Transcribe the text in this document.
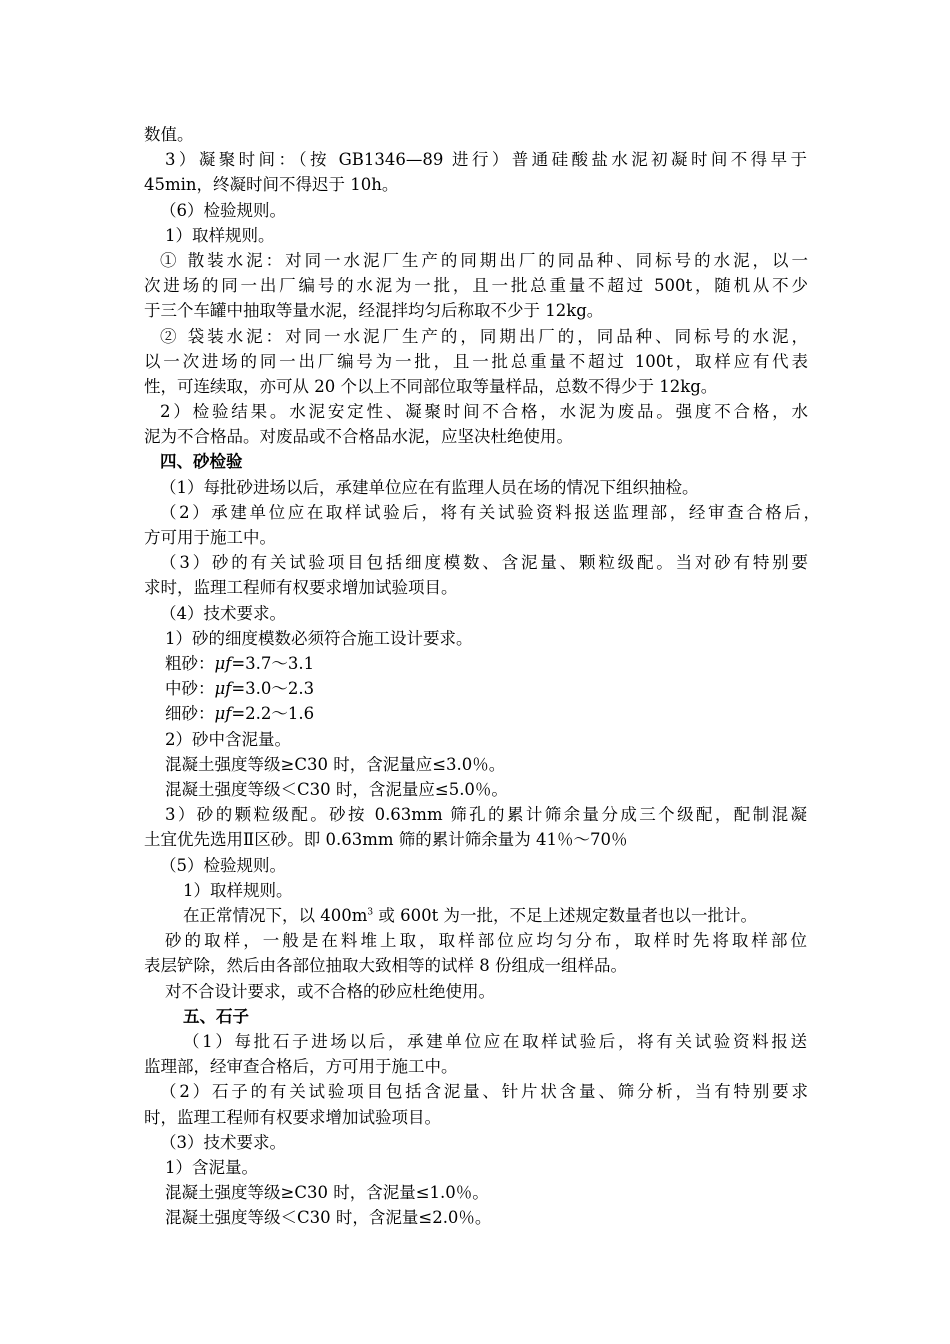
数值。
3）凝聚时间：（按 GB1346—89 进行）普通硅酸盐水泥初凝时间不得早于
45min，终凝时间不得迟于 10h。
（6）检验规则。
1）取样规则。
① 散装水泥：对同一水泥厂生产的同期出厂的同品种、同标号的水泥，以一
次进场的同一出厂编号的水泥为一批，且一批总重量不超过 500t，随机从不少
于三个车罐中抽取等量水泥，经混拌均匀后称取不少于 12kg。
② 袋装水泥：对同一水泥厂生产的，同期出厂的，同品种、同标号的水泥，
以一次进场的同一出厂编号为一批，且一批总重量不超过 100t，取样应有代表
性，可连续取，亦可从 20 个以上不同部位取等量样品，总数不得少于 12kg。
2）检验结果。水泥安定性、凝聚时间不合格，水泥为废品。强度不合格，水
泥为不合格品。对废品或不合格品水泥，应坚决杜绝使用。
四、砂检验
（1）每批砂进场以后，承建单位应在有监理人员在场的情况下组织抽检。
（2）承建单位应在取样试验后，将有关试验资料报送监理部，经审查合格后，
方可用于施工中。
（3）砂的有关试验项目包括细度模数、含泥量、颗粒级配。当对砂有特别要
求时，监理工程师有权要求增加试验项目。
（4）技术要求。
1）砂的细度模数必须符合施工设计要求。
粗砂：μf=3.7～3.1
中砂：μf=3.0～2.3
细砂：μf=2.2～1.6
2）砂中含泥量。
混凝土强度等级≥C30 时，含泥量应≤3.0％。
混凝土强度等级＜C30 时，含泥量应≤5.0％。
3）砂的颗粒级配。砂按 0.63mm 筛孔的累计筛余量分成三个级配，配制混凝
土宜优先选用Ⅱ区砂。即 0.63mm 筛的累计筛余量为 41％～70％
（5）检验规则。
1）取样规则。
在正常情况下，以 $400m^3$ 或 600t 为一批，不足上述规定数量者也以一批计。
砂的取样，一般是在料堆上取，取样部位应均匀分布，取样时先将取样部位
表层铲除，然后由各部位抽取大致相等的试样 8 份组成一组样品。
对不合设计要求，或不合格的砂应杜绝使用。
五、石子
（1）每批石子进场以后，承建单位应在取样试验后，将有关试验资料报送
监理部，经审查合格后，方可用于施工中。
（2）石子的有关试验项目包括含泥量、针片状含量、筛分析，当有特别要求
时，监理工程师有权要求增加试验项目。
（3）技术要求。
1）含泥量。
混凝土强度等级≥C30 时，含泥量≤1.0％。
混凝土强度等级＜C30 时，含泥量≤2.0％。
